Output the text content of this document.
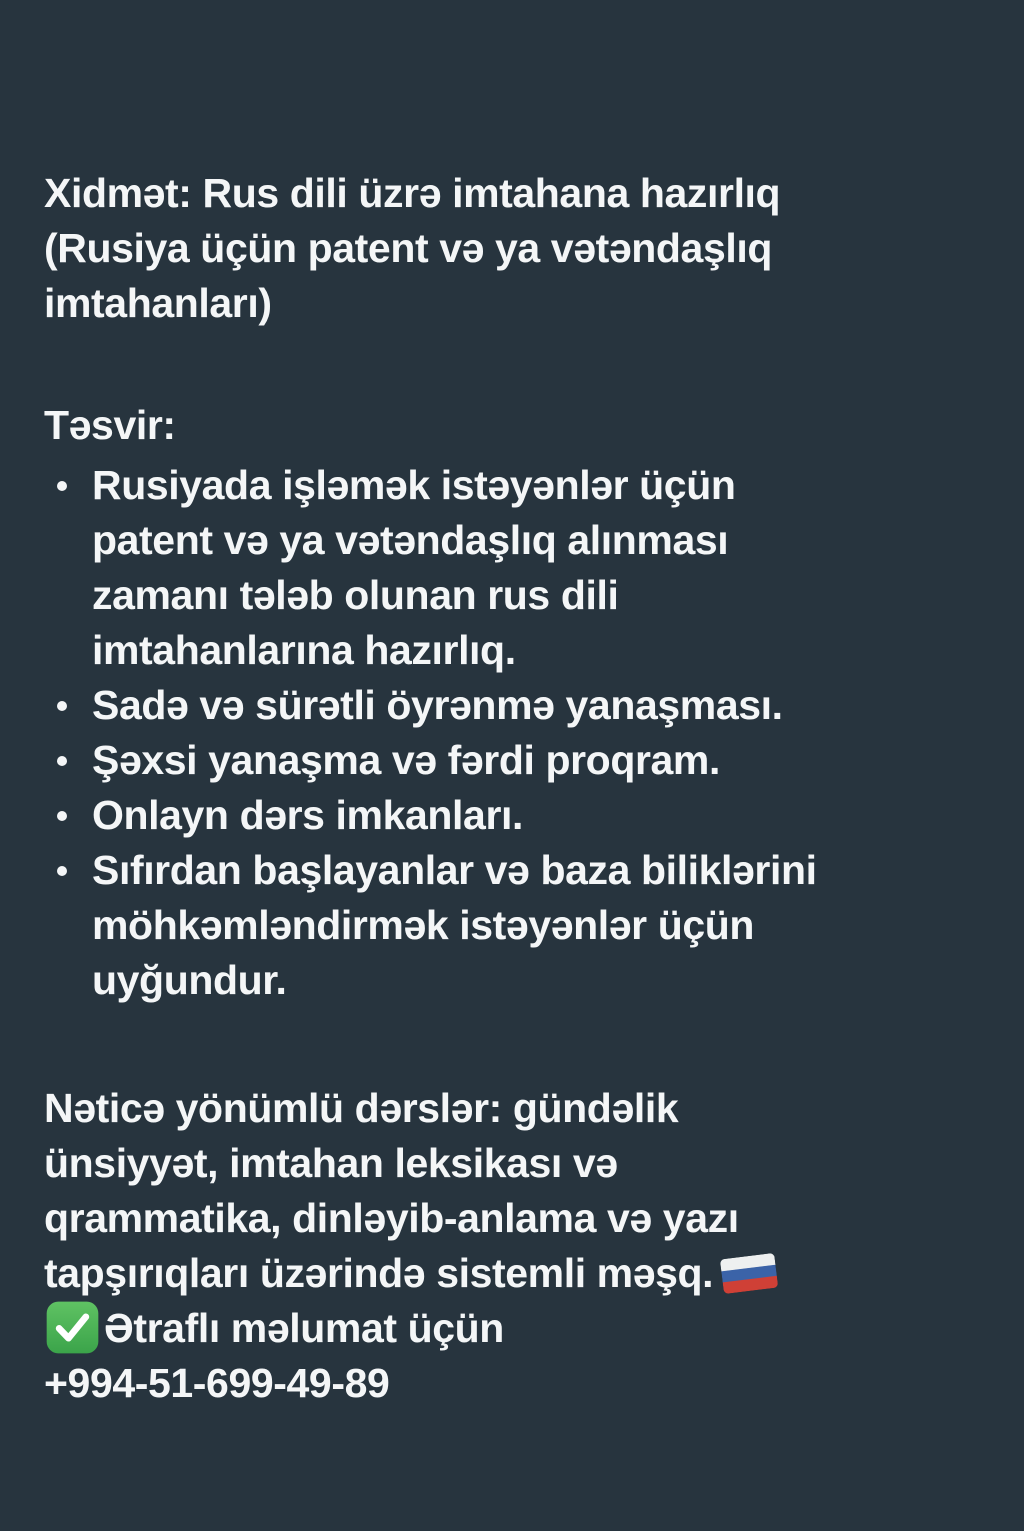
Xidmət: Rus dili üzrə imtahana hazırlıq
(Rusiya üçün patent və ya vətəndaşlıq
imtahanları)
Təsvir:
Rusiyada işləmək istəyənlər üçün
patent və ya vətəndaşlıq alınması
zamanı tələb olunan rus dili
imtahanlarına hazırlıq.
Sadə və sürətli öyrənmə yanaşması.
Şəxsi yanaşma və fərdi proqram.
Onlayn dərs imkanları.
Sıfırdan başlayanlar və baza biliklərini
möhkəmləndirmək istəyənlər üçün
uyğundur.
Nəticə yönümlü dərslər: gündəlik
ünsiyyət, imtahan leksikası və
qrammatika, dinləyib-anlama və yazı
tapşırıqları üzərində sistemli məşq.
Ətraflı məlumat üçün
+994-51-699-49-89
